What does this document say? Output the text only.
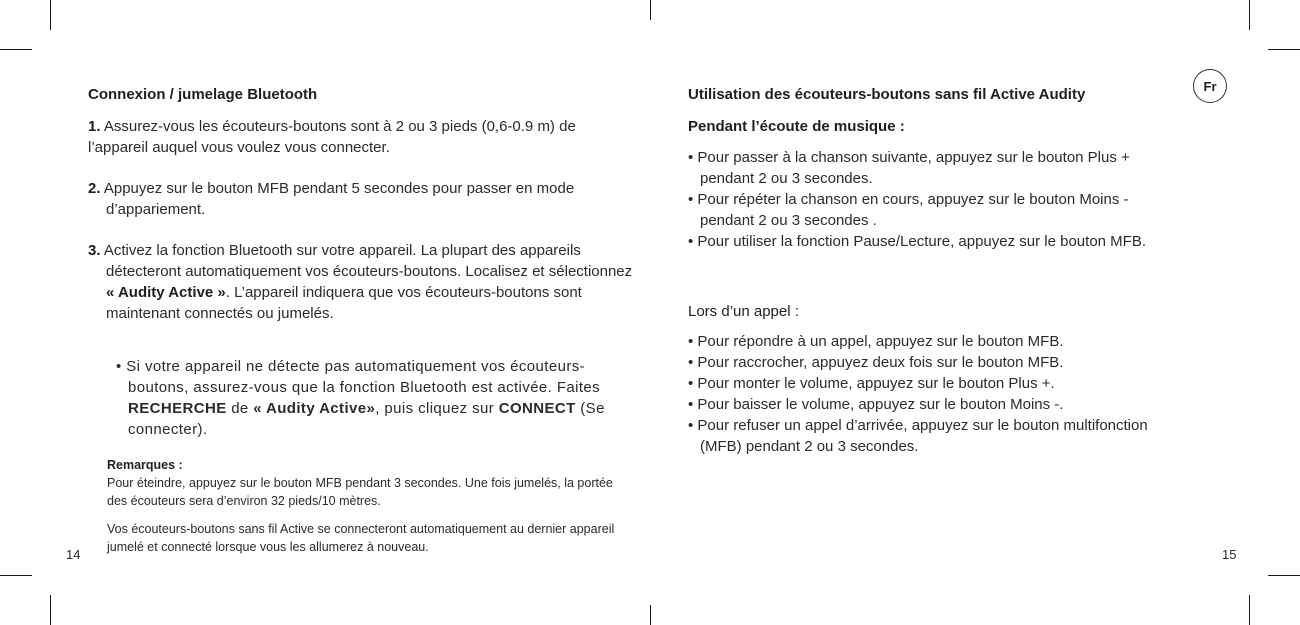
Connexion / jumelage Bluetooth
1. Assurez-vous les écouteurs-boutons sont à 2 ou 3 pieds (0,6-0.9 m) de l’appareil auquel vous voulez vous connecter.
2. Appuyez sur le bouton MFB pendant 5 secondes pour passer en mode d’appariement.
3. Activez la fonction Bluetooth sur votre appareil. La plupart des appareils détecteront automatiquement vos écouteurs-boutons. Localisez et sélectionnez « Audity Active ». L’appareil indiquera que vos écouteurs-boutons sont maintenant connectés ou jumelés.
• Si votre appareil ne détecte pas automatiquement vos écouteurs-boutons, assurez-vous que la fonction Bluetooth est activée. Faites RECHERCHE de « Audity Active», puis cliquez sur CONNECT (Se connecter).
Remarques :
Pour éteindre, appuyez sur le bouton MFB pendant 3 secondes. Une fois jumelés, la portée des écouteurs sera d’environ 32 pieds/10 mètres.
Vos écouteurs-boutons sans fil Active se connecteront automatiquement au dernier appareil jumelé et connecté lorsque vous les allumerez à nouveau.
14
Utilisation des écouteurs-boutons sans fil Active Audity	Fr
Pendant l’écoute de musique :
• Pour passer à la chanson suivante, appuyez sur le bouton Plus + pendant 2 ou 3 secondes.
• Pour répéter la chanson en cours, appuyez sur le bouton Moins - pendant 2 ou 3 secondes .
• Pour utiliser la fonction Pause/Lecture, appuyez sur le bouton MFB.
Lors d’un appel :
• Pour répondre à un appel, appuyez sur le bouton MFB.
• Pour raccrocher, appuyez deux fois sur le bouton MFB.
• Pour monter le volume, appuyez sur le bouton Plus +.
• Pour baisser le volume, appuyez sur le bouton Moins -.
• Pour refuser un appel d’arrivée, appuyez sur le bouton multifonction (MFB) pendant 2 ou 3 secondes.
15
